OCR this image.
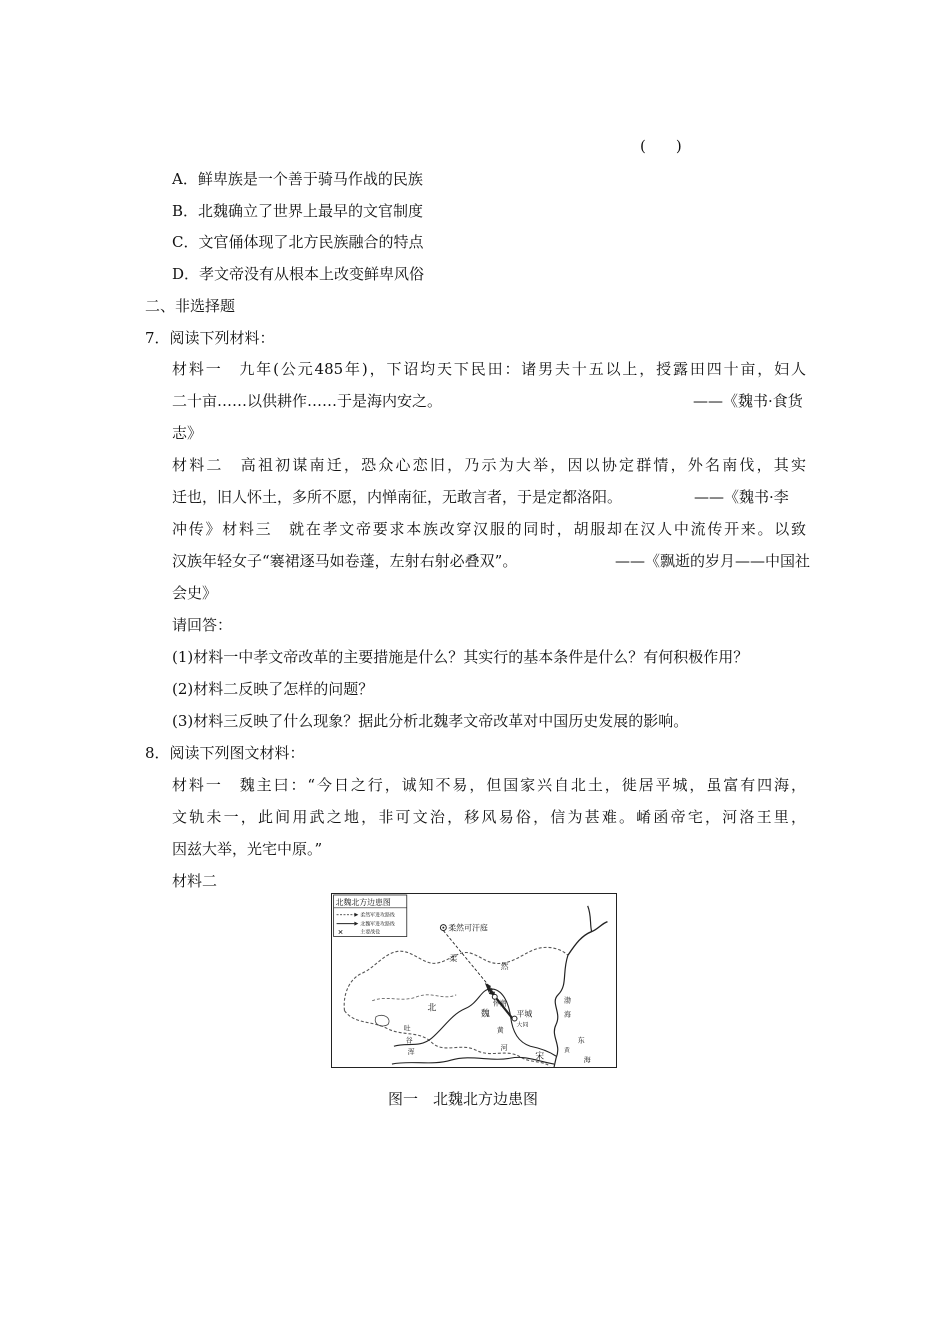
(　　)
A．鲜卑族是一个善于骑马作战的民族
B．北魏确立了世界上最早的文官制度
C．文官俑体现了北方民族融合的特点
D．孝文帝没有从根本上改变鲜卑风俗
二、非选择题
7．阅读下列材料：
材料一　九年(公元485年)，下诏均天下民田：诸男夫十五以上，授露田四十亩，妇人
二十亩……以供耕作……于是海内安之。	——《魏书·食货
志》
材料二　高祖初谋南迁，恐众心恋旧，乃示为大举，因以协定群情，外名南伐，其实
迁也，旧人怀土，多所不愿，内惮南征，无敢言者，于是定都洛阳。	——《魏书·李
冲传》材料三　就在孝文帝要求本族改穿汉服的同时，胡服却在汉人中流传开来。以致
汉族年轻女子“褰裙逐马如卷蓬，左射右射必叠双”。	——《飘逝的岁月——中国社
会史》
请回答：
(1)材料一中孝文帝改革的主要措施是什么？其实行的基本条件是什么？有何积极作用？
(2)材料二反映了怎样的问题？
(3)材料三反映了什么现象？据此分析北魏孝文帝改革对中国历史发展的影响。
8．阅读下列图文材料：
材料一　魏主曰：“今日之行，诚知不易，但国家兴自北土，徙居平城，虽富有四海，
文轨未一，此间用武之地，非可文治，移风易俗，信为甚难。崤函帝宅，河洛王里，
因兹大举，光宅中原。”
材料二
北魏北方边患图
柔然军进攻路线
北魏军进攻路线
✕	主要战役	柔然可汗庭
柔
然
北
魏
怀朔
平城
大同
黄
河
吐
谷
浑	宋
渤
海
东
海
黄
图一　北魏北方边患图
